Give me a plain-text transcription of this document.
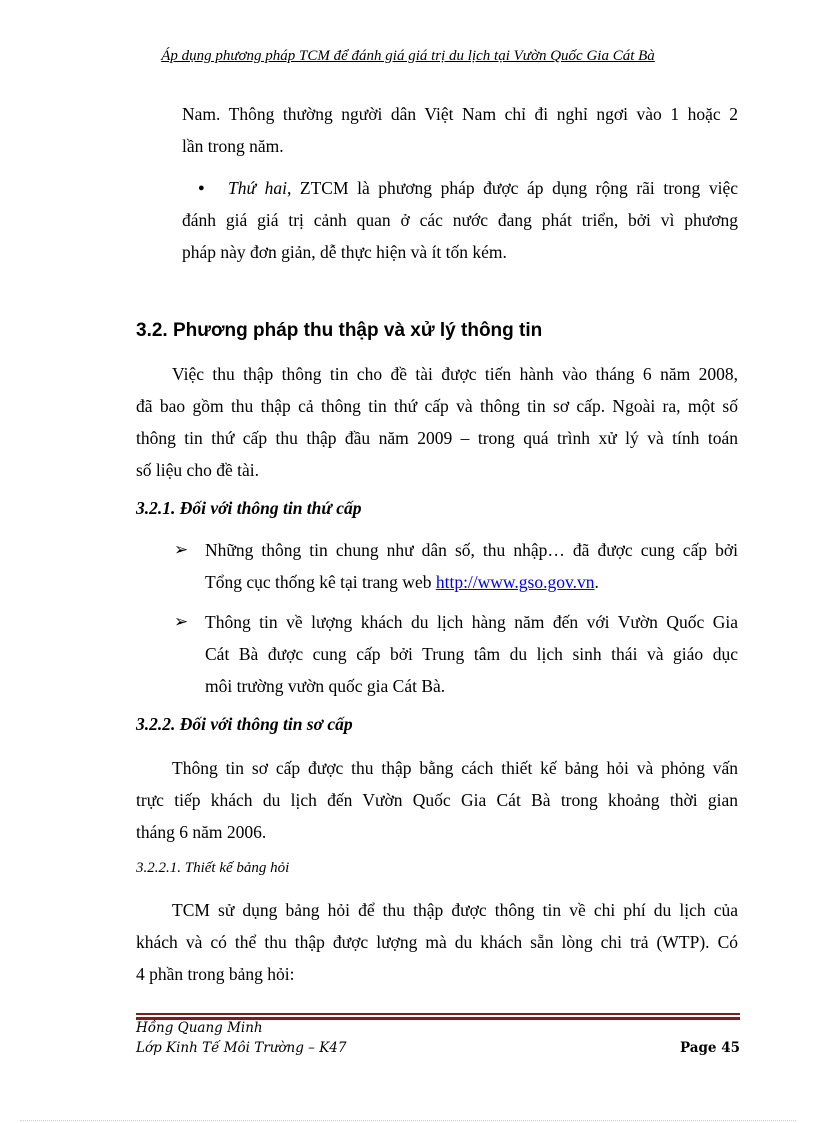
Áp dụng phương pháp TCM để đánh giá giá trị du lịch tại Vườn Quốc Gia Cát Bà
Nam. Thông thường người dân Việt Nam chỉ đi nghỉ ngơi vào 1 hoặc 2
lần trong năm.
● Thứ hai, ZTCM là phương pháp được áp dụng rộng rãi trong việc
đánh giá giá trị cảnh quan ở các nước đang phát triển, bởi vì phương
pháp này đơn giản, dễ thực hiện và ít tốn kém.
3.2. Phương pháp thu thập và xử lý thông tin
Việc thu thập thông tin cho đề tài được tiến hành vào tháng 6 năm 2008,
đã bao gồm thu thập cả thông tin thứ cấp và thông tin sơ cấp. Ngoài ra, một số
thông tin thứ cấp thu thập đầu năm 2009 – trong quá trình xử lý và tính toán
số liệu cho đề tài.
3.2.1. Đối với thông tin thứ cấp
➢ Những thông tin chung như dân số, thu nhập… đã được cung cấp bởi
Tổng cục thống kê tại trang web http://www.gso.gov.vn.
➢ Thông tin về lượng khách du lịch hàng năm đến với Vườn Quốc Gia
Cát Bà được cung cấp bởi Trung tâm du lịch sinh thái và giáo dục
môi trường vườn quốc gia Cát Bà.
3.2.2. Đối với thông tin sơ cấp
Thông tin sơ cấp được thu thập bằng cách thiết kế bảng hỏi và phỏng vấn
trực tiếp khách du lịch đến Vườn Quốc Gia Cát Bà trong khoảng thời gian
tháng 6 năm 2006.
3.2.2.1. Thiết kế bảng hỏi
TCM sử dụng bảng hỏi để thu thập được thông tin về chi phí du lịch của
khách và có thể thu thập được lượng mà du khách sẵn lòng chi trả (WTP). Có
4 phần trong bảng hỏi:
Hồng Quang Minh
Lớp Kinh Tế Môi Trường – K47	Page 45
